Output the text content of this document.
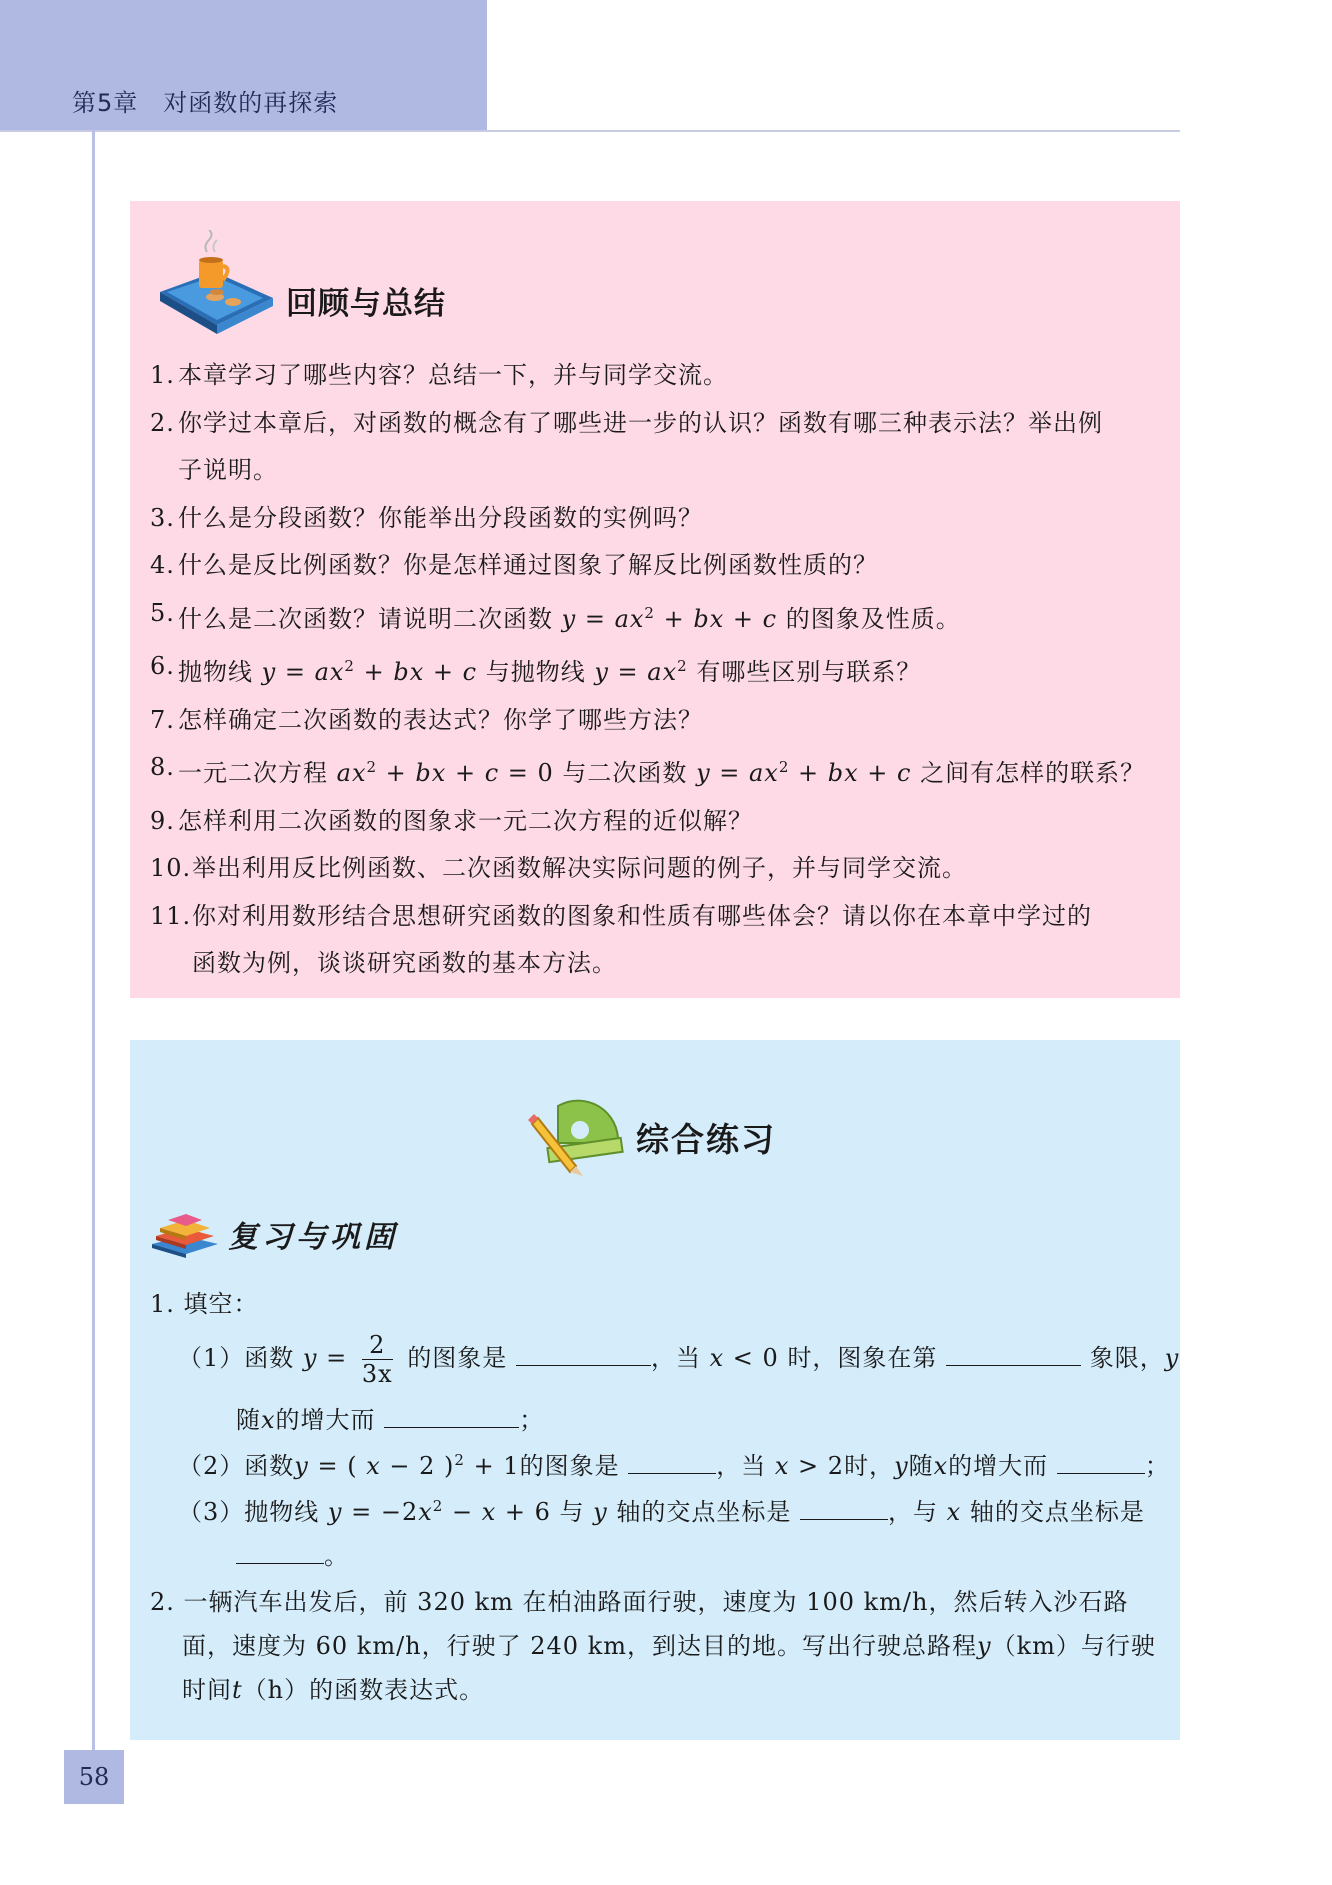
第5章　对函数的再探索
回顾与总结
1. 本章学习了哪些内容？总结一下，并与同学交流。
2. 你学过本章后，对函数的概念有了哪些进一步的认识？函数有哪三种表示法？举出例
子说明。
3. 什么是分段函数？你能举出分段函数的实例吗？
4. 什么是反比例函数？你是怎样通过图象了解反比例函数性质的？
5. 什么是二次函数？请说明二次函数 $y = ax^2$ + bx + c 的图象及性质。
6. 抛物线 $y = ax^2$ + bx + c 与抛物线 $y = ax^2$ 有哪些区别与联系？
7. 怎样确定二次函数的表达式？你学了哪些方法？
8. 一元二次方程 $ax^2$ + bx + c = 0 与二次函数 $y = ax^2$ + bx + c 之间有怎样的联系？
9. 怎样利用二次函数的图象求一元二次方程的近似解？
10. 举出利用反比例函数、二次函数解决实际问题的例子，并与同学交流。
11. 你对利用数形结合思想研究函数的图象和性质有哪些体会？请以你在本章中学过的
函数为例，谈谈研究函数的基本方法。
综合练习
复习与巩固
1. 填空：
（1）函数 $y = \frac{2}{3x}$ 的图象是	，当 x < 0 时，图象在第	象限，y
随x的增大而	；
（2）函数y = ( x − 2 )$^2$ + 1的图象是	，当 x > 2时，y随x的增大而	；
（3）抛物线 $y = -2x^2 - x + 6$ 与 y 轴的交点坐标是	，与 x 轴的交点坐标是
。
2. 一辆汽车出发后，前 320 km 在柏油路面行驶，速度为 100 km/h，然后转入沙石路
面，速度为 60 km/h，行驶了 240 km，到达目的地。写出行驶总路程y（km）与行驶
时间t（h）的函数表达式。
58
